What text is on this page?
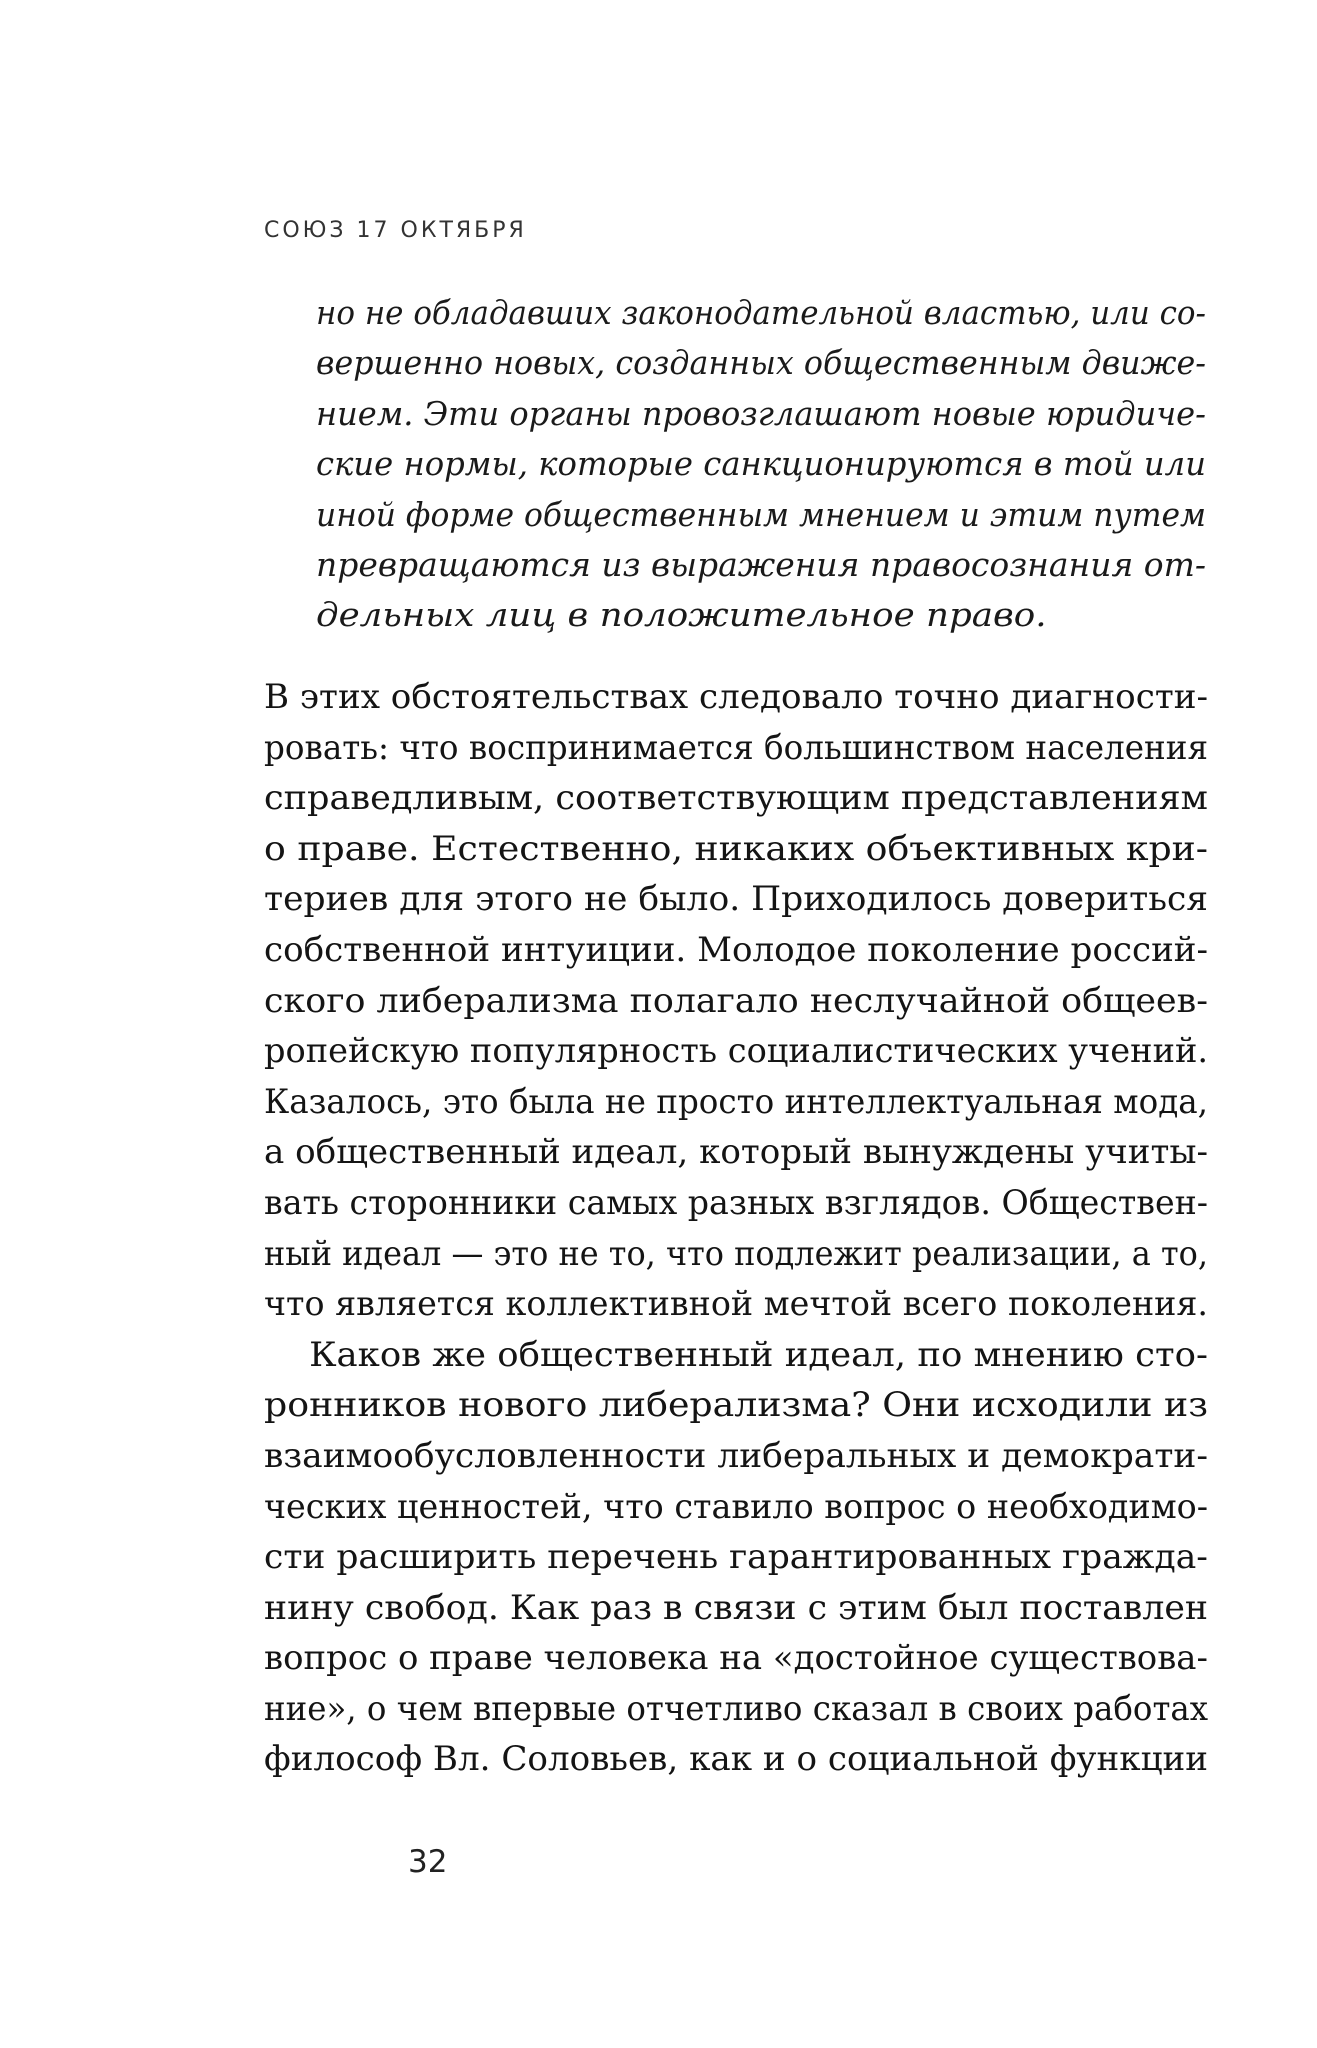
СОЮЗ 17 ОКТЯБРЯ
но не обладавших законодательной властью, или со-
вершенно новых, созданных общественным движе-
нием. Эти органы провозглашают новые юридиче-
ские нормы, которые санкционируются в той или
иной форме общественным мнением и этим путем
превращаются из выражения правосознания от-
дельных лиц в положительное право.
В этих обстоятельствах следовало точно диагности-
ровать: что воспринимается большинством населения
справедливым, соответствующим представлениям
о праве. Естественно, никаких объективных кри-
териев для этого не было. Приходилось довериться
собственной интуиции. Молодое поколение россий-
ского либерализма полагало неслучайной общеев-
ропейскую популярность социалистических учений.
Казалось, это была не просто интеллектуальная мода,
а общественный идеал, который вынуждены учиты-
вать сторонники самых разных взглядов. Обществен-
ный идеал — это не то, что подлежит реализации, а то,
что является коллективной мечтой всего поколения.
Каков же общественный идеал, по мнению сто-
ронников нового либерализма? Они исходили из
взаимообусловленности либеральных и демократи-
ческих ценностей, что ставило вопрос о необходимо-
сти расширить перечень гарантированных гражда-
нину свобод. Как раз в связи с этим был поставлен
вопрос о праве человека на «достойное существова-
ние», о чем впервые отчетливо сказал в своих работах
философ Вл. Соловьев, как и о социальной функции
32
